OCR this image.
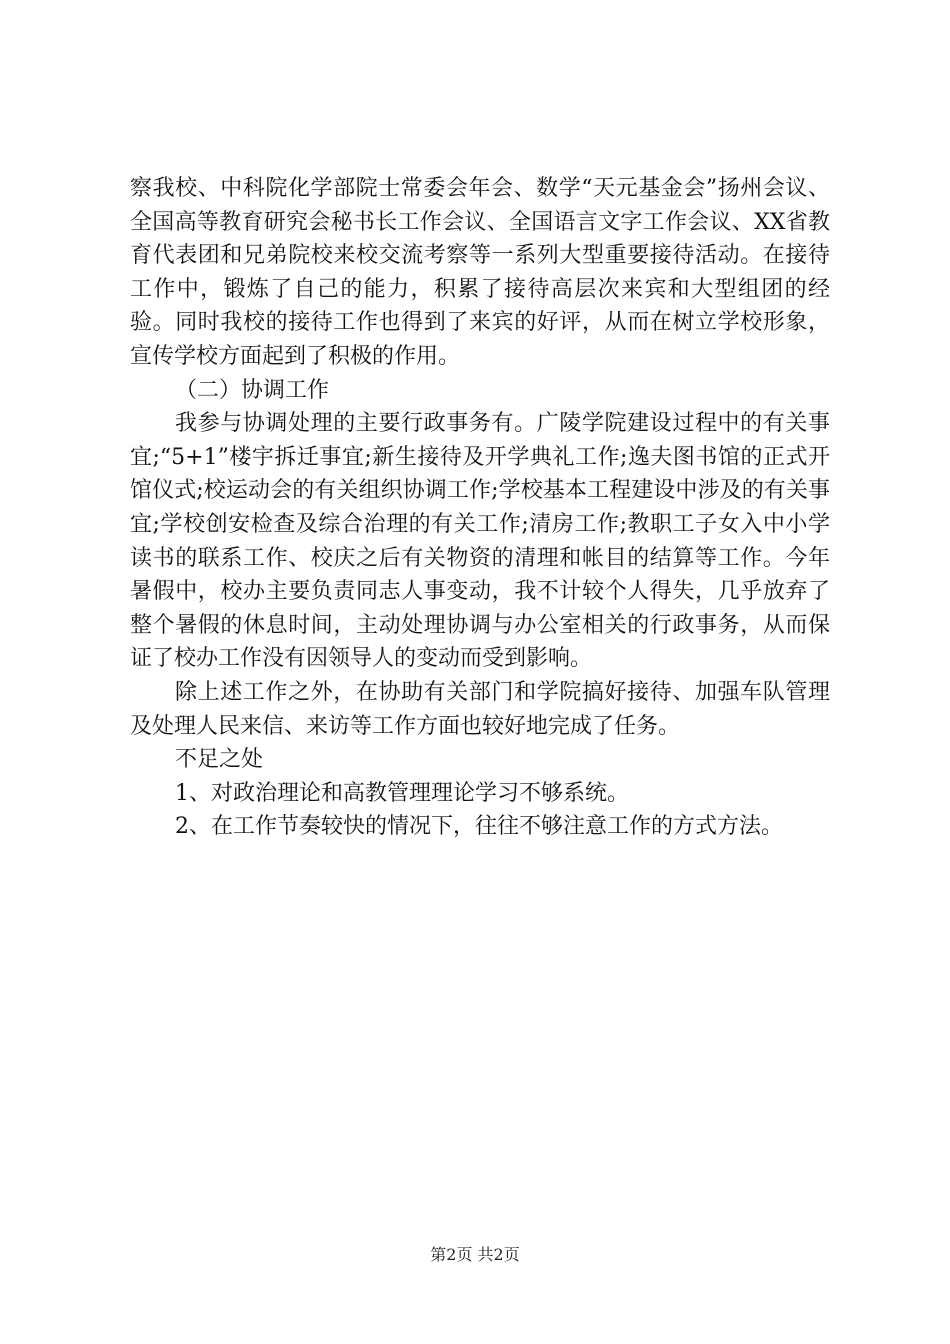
察我校、中科院化学部院士常委会年会、数学“天元基金会”扬州会议、全国高等教育研究会秘书长工作会议、全国语言文字工作会议、XX省教育代表团和兄弟院校来校交流考察等一系列大型重要接待活动。在接待工作中，锻炼了自己的能力，积累了接待高层次来宾和大型组团的经验。同时我校的接待工作也得到了来宾的好评，从而在树立学校形象，宣传学校方面起到了积极的作用。

（二）协调工作

我参与协调处理的主要行政事务有。广陵学院建设过程中的有关事宜;“5+1”楼宇拆迁事宜;新生接待及开学典礼工作;逸夫图书馆的正式开馆仪式;校运动会的有关组织协调工作;学校基本工程建设中涉及的有关事宜;学校创安检查及综合治理的有关工作;清房工作;教职工子女入中小学读书的联系工作、校庆之后有关物资的清理和帐目的结算等工作。今年暑假中，校办主要负责同志人事变动，我不计较个人得失，几乎放弃了整个暑假的休息时间，主动处理协调与办公室相关的行政事务，从而保证了校办工作没有因领导人的变动而受到影响。

除上述工作之外，在协助有关部门和学院搞好接待、加强车队管理及处理人民来信、来访等工作方面也较好地完成了任务。

不足之处

1、对政治理论和高教管理理论学习不够系统。

2、在工作节奏较快的情况下，往往不够注意工作的方式方法。

第2页 共2页
